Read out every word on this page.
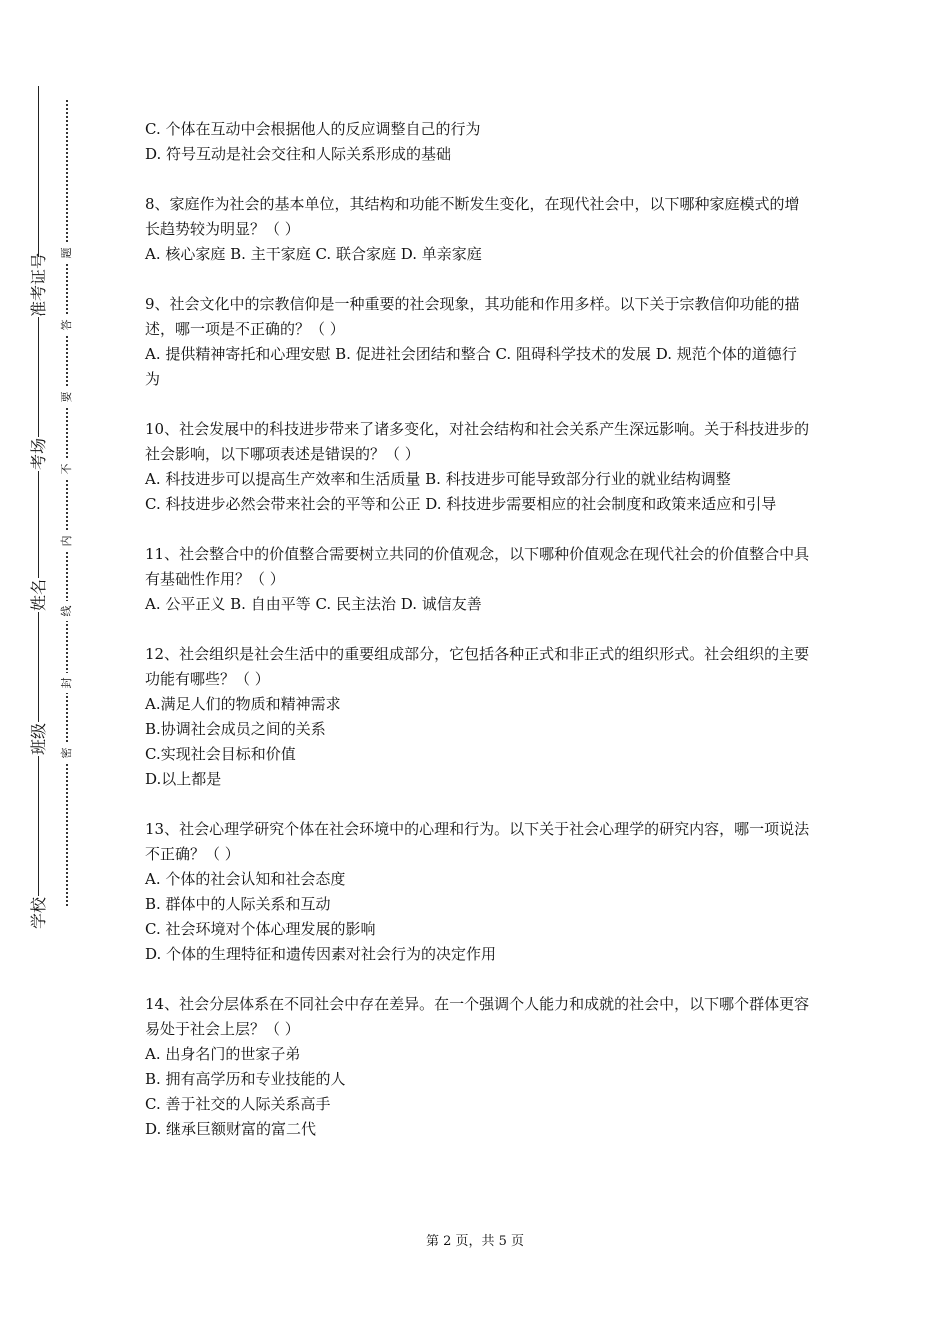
准考证号
考场
姓名
班级
学校
题
答
要
不
内
线
封
密

C. 个体在互动中会根据他人的反应调整自己的行为

D. 符号互动是社会交往和人际关系形成的基础

8、家庭作为社会的基本单位，其结构和功能不断发生变化，在现代社会中，以下哪种家庭模式的增长趋势较为明显？（ ）

A. 核心家庭 B. 主干家庭 C. 联合家庭 D. 单亲家庭

9、社会文化中的宗教信仰是一种重要的社会现象，其功能和作用多样。以下关于宗教信仰功能的描述，哪一项是不正确的？（ ）

A. 提供精神寄托和心理安慰 B. 促进社会团结和整合 C. 阻碍科学技术的发展 D. 规范个体的道德行为

10、社会发展中的科技进步带来了诸多变化，对社会结构和社会关系产生深远影响。关于科技进步的社会影响，以下哪项表述是错误的？（ ）

A. 科技进步可以提高生产效率和生活质量 B. 科技进步可能导致部分行业的就业结构调整

C. 科技进步必然会带来社会的平等和公正 D. 科技进步需要相应的社会制度和政策来适应和引导

11、社会整合中的价值整合需要树立共同的价值观念，以下哪种价值观念在现代社会的价值整合中具有基础性作用？（ ）

A. 公平正义 B. 自由平等 C. 民主法治 D. 诚信友善

12、社会组织是社会生活中的重要组成部分，它包括各种正式和非正式的组织形式。社会组织的主要功能有哪些？（ ）

A.满足人们的物质和精神需求

B.协调社会成员之间的关系

C.实现社会目标和价值

D.以上都是

13、社会心理学研究个体在社会环境中的心理和行为。以下关于社会心理学的研究内容，哪一项说法不正确？（ ）

A. 个体的社会认知和社会态度

B. 群体中的人际关系和互动

C. 社会环境对个体心理发展的影响

D. 个体的生理特征和遗传因素对社会行为的决定作用

14、社会分层体系在不同社会中存在差异。在一个强调个人能力和成就的社会中，以下哪个群体更容易处于社会上层？（ ）

A. 出身名门的世家子弟

B. 拥有高学历和专业技能的人

C. 善于社交的人际关系高手

D. 继承巨额财富的富二代

第 2 页，共 5 页
